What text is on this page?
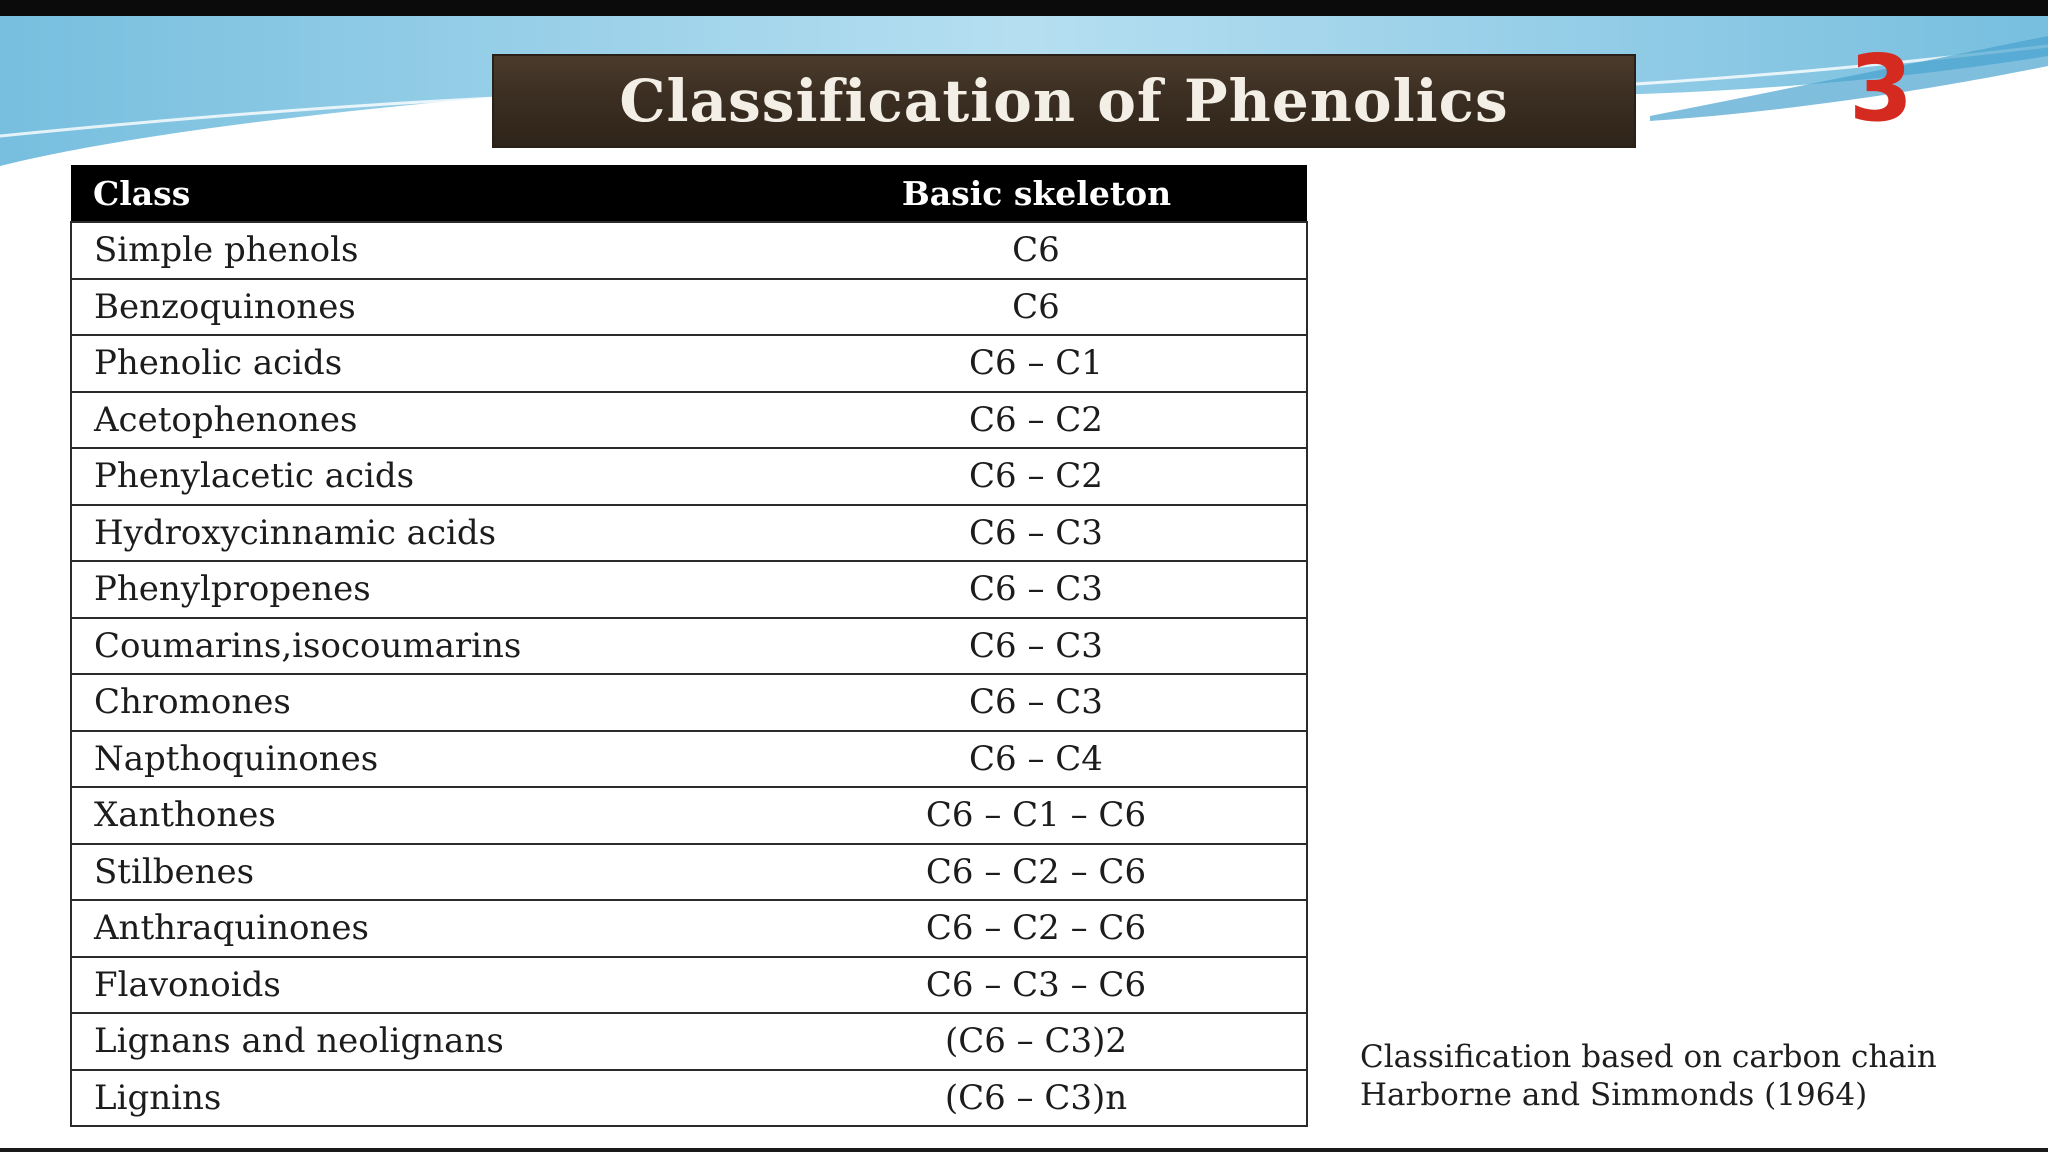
Classification of Phenolics	3
Class	Basic skeleton
Simple phenols	C6
Benzoquinones	C6
Phenolic acids	C6 – C1
Acetophenones	C6 – C2
Phenylacetic acids	C6 – C2
Hydroxycinnamic acids	C6 – C3
Phenylpropenes	C6 – C3
Coumarins,isocoumarins	C6 – C3
Chromones	C6 – C3
Napthoquinones	C6 – C4
Xanthones	C6 – C1 – C6
Stilbenes	C6 – C2 – C6
Anthraquinones	C6 – C2 – C6
Flavonoids	C6 – C3 – C6
Lignans and neolignans	(C6 – C3)2
Lignins	(C6 – C3)n
Classification based on carbon chain
Harborne and Simmonds (1964)
